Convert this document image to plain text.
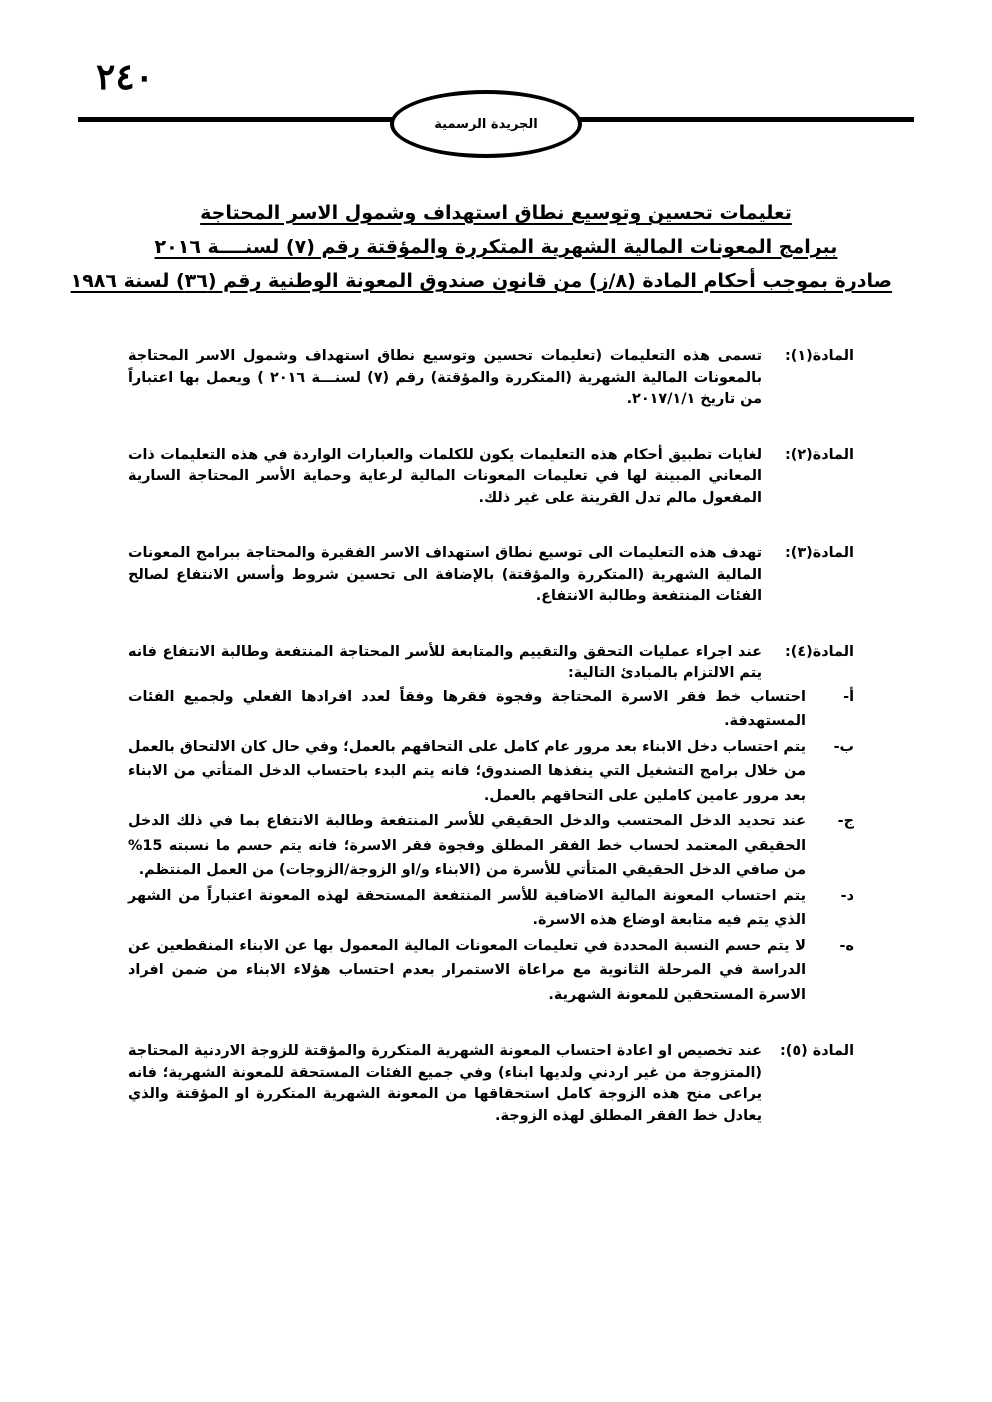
٢٤٠
الجريدة الرسمية
تعليمات تحسين وتوسيع نطاق استهداف وشمول الاسر المحتاجة
ببرامج المعونات المالية الشهرية المتكررة والمؤقتة رقم (٧) لسنــــة ٢٠١٦
صادرة بموجب أحكام المادة (٨/ز) من قانون صندوق المعونة الوطنية رقم (٣٦) لسنة ١٩٨٦
المادة(١):
تسمى هذه التعليمات (تعليمات تحسين وتوسيع نطاق استهداف وشمول الاسر المحتاجة بالمعونات المالية الشهرية (المتكررة والمؤقتة) رقم (٧) لسنـــة ٢٠١٦ ) ويعمل بها اعتباراً من تاريخ ٢٠١٧/١/١.
المادة(٢):
لغايات تطبيق أحكام هذه التعليمات يكون للكلمات والعبارات الواردة في هذه التعليمات ذات المعاني المبينة لها في تعليمات المعونات المالية لرعاية وحماية الأسر المحتاجة السارية المفعول مالم تدل القرينة على غير ذلك.
المادة(٣):
تهدف هذه التعليمات الى توسيع نطاق استهداف الاسر الفقيرة والمحتاجة ببرامج المعونات المالية الشهرية (المتكررة والمؤقتة) بالإضافة الى تحسين شروط وأسس الانتفاع لصالح الفئات المنتفعة وطالبة الانتفاع.
المادة(٤):
عند اجراء عمليات التحقق والتقييم والمتابعة للأسر المحتاجة المنتفعة وطالبة الانتفاع فانه يتم الالتزام بالمبادئ التالية:
أ-
احتساب خط فقر الاسرة المحتاجة وفجوة فقرها وفقاً لعدد افرادها الفعلي ولجميع الفئات المستهدفة.
ب-
يتم احتساب دخل الابناء بعد مرور عام كامل على التحاقهم بالعمل؛ وفي حال كان الالتحاق بالعمل من خلال برامج التشغيل التي ينفذها الصندوق؛ فانه يتم البدء باحتساب الدخل المتأتي من الابناء بعد مرور عامين كاملين على التحاقهم بالعمل.
ج-
عند تحديد الدخل المحتسب والدخل الحقيقي للأسر المنتفعة وطالبة الانتفاع بما في ذلك الدخل الحقيقي المعتمد لحساب خط الفقر المطلق وفجوة فقر الاسرة؛ فانه يتم حسم ما نسبته 15% من صافي الدخل الحقيقي المتأتي للأسرة من (الابناء و/او الزوجة/الزوجات) من العمل المنتظم.
د-
يتم احتساب المعونة المالية الاضافية للأسر المنتفعة المستحقة لهذه المعونة اعتباراً من الشهر الذي يتم فيه متابعة اوضاع هذه الاسرة.
ه-
لا يتم حسم النسبة المحددة في تعليمات المعونات المالية المعمول بها عن الابناء المنقطعين عن الدراسة في المرحلة الثانوية مع مراعاة الاستمرار بعدم احتساب هؤلاء الابناء من ضمن افراد الاسرة المستحقين للمعونة الشهرية.
المادة (٥):
عند تخصيص او اعادة احتساب المعونة الشهرية المتكررة والمؤقتة للزوجة الاردنية المحتاجة (المتزوجة من غير اردني ولديها ابناء) وفي جميع الفئات المستحقة للمعونة الشهرية؛ فانه يراعى منح هذه الزوجة كامل استحقاقها من المعونة الشهرية المتكررة او المؤقتة والذي يعادل خط الفقر المطلق لهذه الزوجة.
